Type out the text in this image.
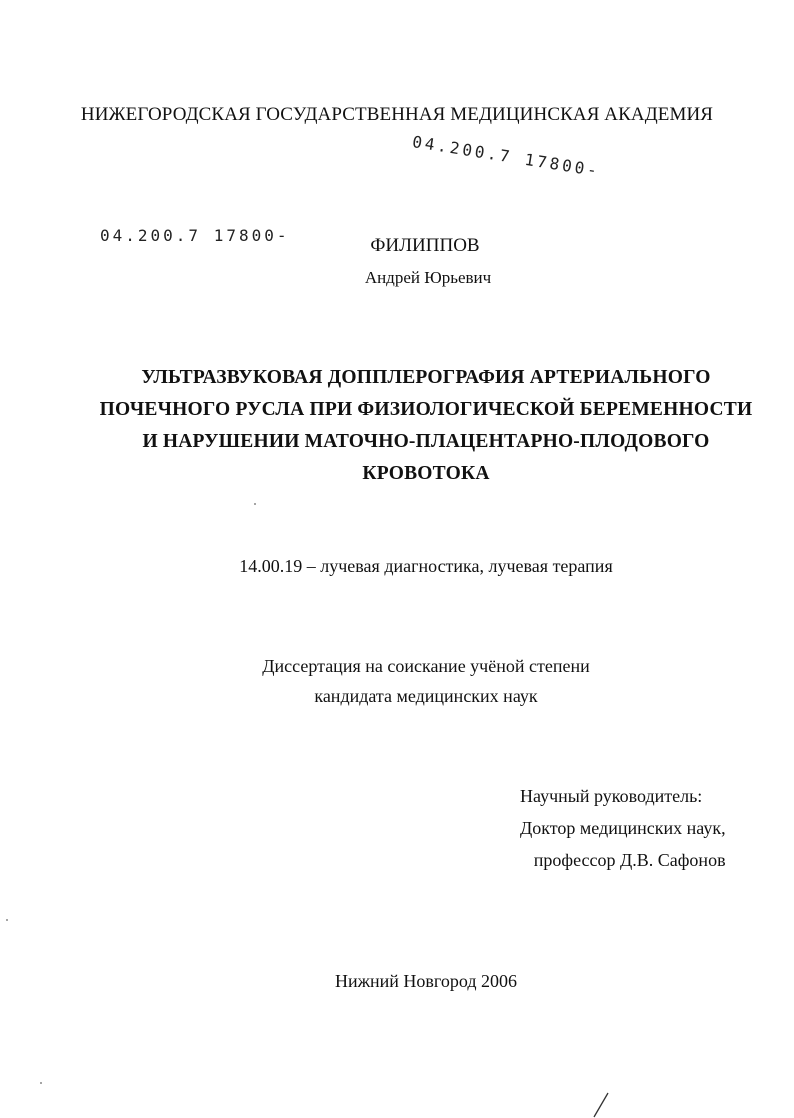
НИЖЕГОРОДСКАЯ ГОСУДАРСТВЕННАЯ МЕДИЦИНСКАЯ АКАДЕМИЯ
04.200.7 17800-
04.200.7 17800-	ФИЛИППОВ
Андрей Юрьевич
УЛЬТРАЗВУКОВАЯ ДОППЛЕРОГРАФИЯ АРТЕРИАЛЬНОГО
ПОЧЕЧНОГО РУСЛА ПРИ ФИЗИОЛОГИЧЕСКОЙ БЕРЕМЕННОСТИ
И НАРУШЕНИИ МАТОЧНО-ПЛАЦЕНТАРНО-ПЛОДОВОГО
КРОВОТОКА
14.00.19 – лучевая диагностика, лучевая терапия
Диссертация на соискание учёной степени
кандидата медицинских наук
Научный руководитель:
Доктор медицинских наук,
профессор Д.В. Сафонов
Нижний Новгород 2006
